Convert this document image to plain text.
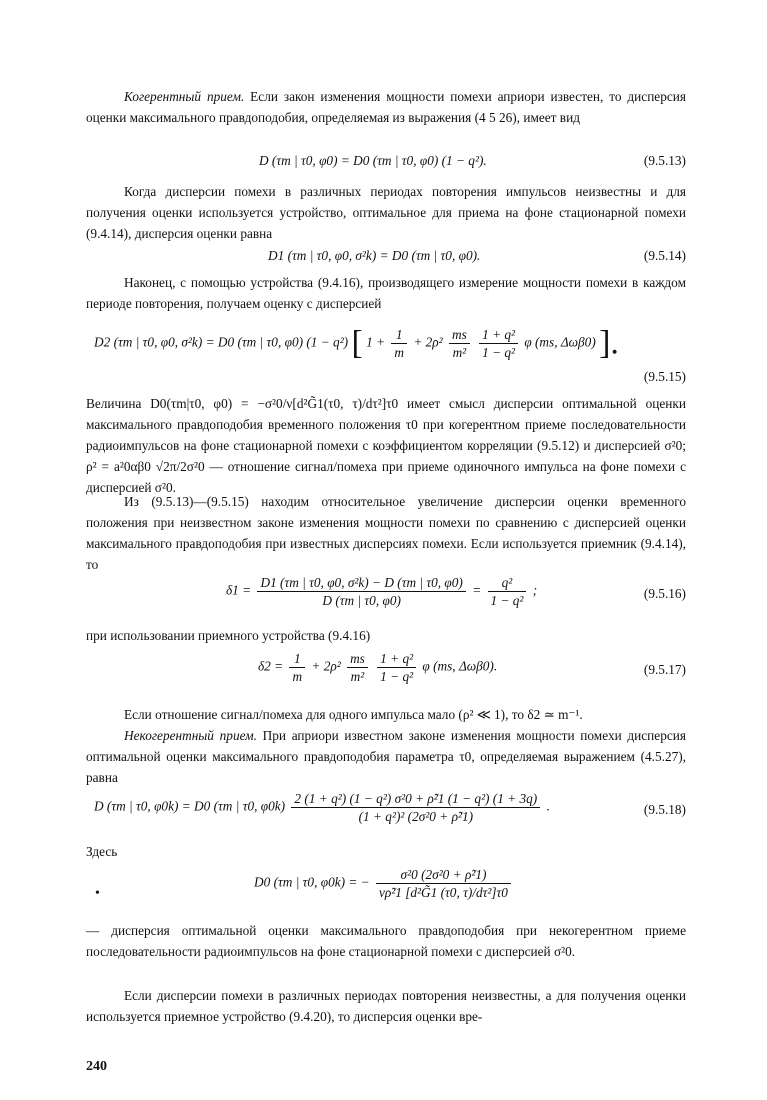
Когерентный прием. Если закон изменения мощности помехи априори известен, то дисперсия оценки максимального правдоподобия, определяемая из выражения (4 5 26), имеет вид
D (τm | τ0, φ0) = D0 (τm | τ0, φ0) (1 − q²).	(9.5.13)
Когда дисперсии помехи в различных периодах повторения импульсов неизвестны и для получения оценки используется устройство, оптимальное для приема на фоне стационарной помехи (9.4.14), дисперсия оценки равна
D1 (τm | τ0, φ0, σ²k) = D0 (τm | τ0, φ0).	(9.5.14)
Наконец, с помощью устройства (9.4.16), производящего измерение мощности помехи в каждом периоде повторения, получаем оценку с дисперсией
D2 (τm | τ0, φ0, σ²k) = D0 (τm | τ0, φ0) (1 − q²) [ $1 + \frac{1}{m} + 2\rho^2 \frac{ms}{\text{m²}}$
$\frac{\text{1 + q²}}{\text{1 − q²}}$ φ (ms, Δωβ0) ].
(9.5.15)
Величина D0(τm|τ0, φ0) = −σ²0/ν[d²G̃1(τ0, τ)/dτ²]τ0 имеет смысл дисперсии оптимальной оценки максимального правдоподобия временного положения τ0 при когерентном приеме последовательности радиоимпульсов на фоне стационарной помехи с коэффициентом корреляции (9.5.12) и дисперсией σ²0; ρ² = a²0αβ0 √2π/2σ²0 — отношение сигнал/помеха при приеме одиночного импульса на фоне помехи с дисперсией σ²0.
Из (9.5.13)—(9.5.15) находим относительное увеличение дисперсии оценки временного положения при неизвестном законе изменения мощности помехи по сравнению с дисперсией оценки максимального правдоподобия при известных дисперсиях помехи. Если используется приемник (9.4.14), то
$\delta 1 = \frac{\text{D1 (τm | τ0, φ0, σ²k) − D (τm | τ0, φ0)}}{D (\tau m | \tau 0, \varphi 0)} = \frac{\text{q²}}{\text{1 − q²}}$ ;	(9.5.16)
при использовании приемного устройства (9.4.16)
$\delta 2 = \frac{1}{m} + 2\rho^2 \frac{ms}{\text{m²}}$
$\frac{\text{1 + q²}}{\text{1 − q²}}$ φ (ms, Δωβ0).	(9.5.17)
Если отношение сигнал/помеха для одного импульса мало (ρ² ≪ 1), то δ2 ≃ m⁻¹.
Некогерентный прием. При априори известном законе изменения мощности помехи дисперсия оптимальной оценки максимального правдоподобия параметра τ0, определяемая выражением (4.5.27), равна
D (τm | τ0, φ0k) = D0 (τm | τ0, $\varphi 0k) \frac{\text{2 (1 + q²) (1 − q²) σ²0 + ρ̃²1 (1 − q²) (1 + 3q)}}{\text{(1 + q²)² (2σ²0 + ρ̃²1)}}$ .	(9.5.18)
Здесь
•
D0 (τm | τ0, φ0k) = − $\frac{\text{σ²0 (2σ²0 + ρ̃²1)}}{\text{νρ̃²1 [d²G̃1 (τ0, τ)/dτ²]τ0}}$
— дисперсия оптимальной оценки максимального правдоподобия при некогерентном приеме последовательности радиоимпульсов на фоне стационарной помехи с дисперсией σ²0.
Если дисперсии помехи в различных периодах повторения неизвестны, а для получения оценки используется приемное устройство (9.4.20), то дисперсия оценки вре-
240
